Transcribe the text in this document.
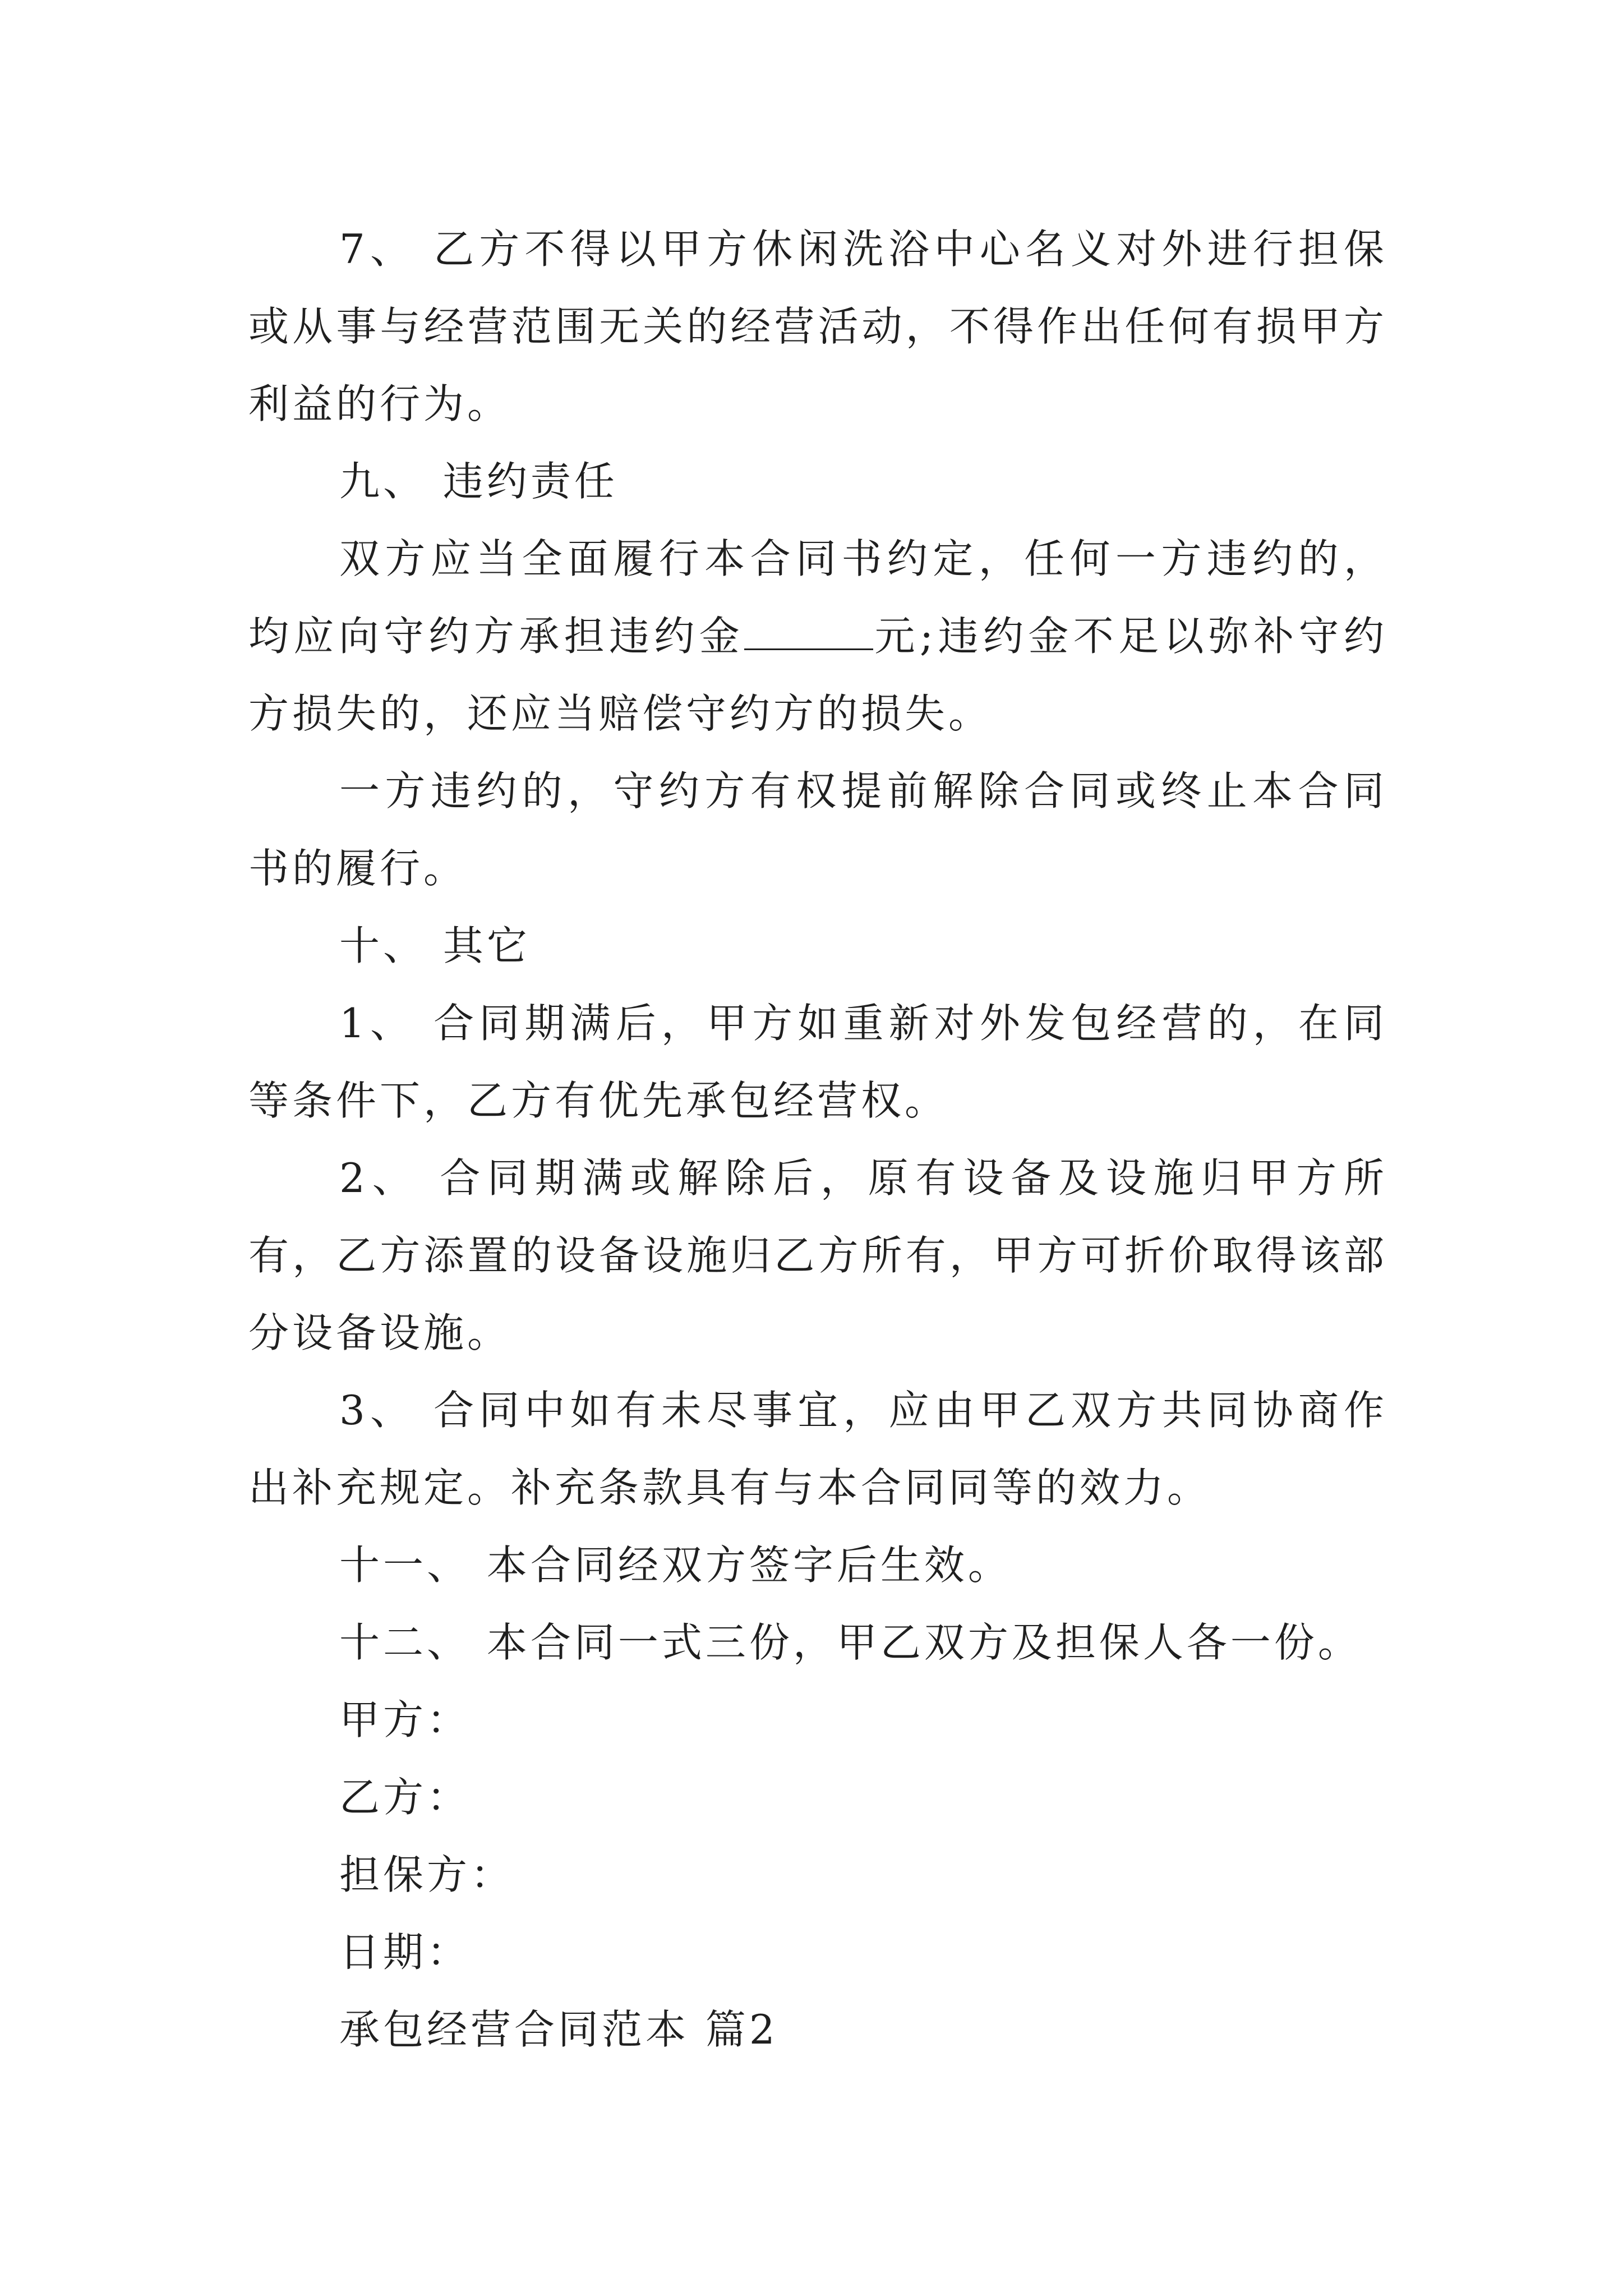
7、 乙方不得以甲方休闲洗浴中心名义对外进行担保或从事与经营范围无关的经营活动，不得作出任何有损甲方利益的行为。

九、 违约责任

双方应当全面履行本合同书约定，任何一方违约的，均应向守约方承担违约金	元;违约金不足以弥补守约方损失的，还应当赔偿守约方的损失。

一方违约的，守约方有权提前解除合同或终止本合同书的履行。

十、 其它

1、 合同期满后，甲方如重新对外发包经营的，在同等条件下，乙方有优先承包经营权。

2、 合同期满或解除后，原有设备及设施归甲方所有，乙方添置的设备设施归乙方所有，甲方可折价取得该部分设备设施。

3、 合同中如有未尽事宜，应由甲乙双方共同协商作出补充规定。补充条款具有与本合同同等的效力。

十一、 本合同经双方签字后生效。

十二、 本合同一式三份，甲乙双方及担保人各一份。

甲方：

乙方：

担保方：

日期：

承包经营合同范本 篇2
